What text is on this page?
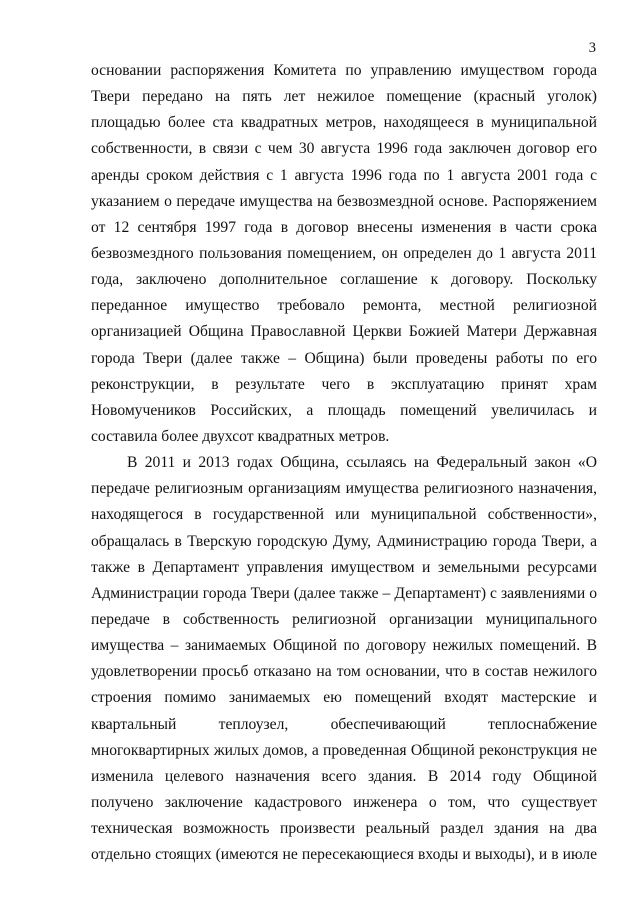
3
основании распоряжения Комитета по управлению имуществом города
Твери передано на пять лет нежилое помещение (красный уголок)
площадью более ста квадратных метров, находящееся в муниципальной
собственности, в связи с чем 30 августа 1996 года заключен договор его
аренды сроком действия с 1 августа 1996 года по 1 августа 2001 года с
указанием о передаче имущества на безвозмездной основе. Распоряжением
от 12 сентября 1997 года в договор внесены изменения в части срока
безвозмездного пользования помещением, он определен до 1 августа 2011
года, заключено дополнительное соглашение к договору. Поскольку
переданное имущество требовало ремонта, местной религиозной
организацией Община Православной Церкви Божией Матери Державная
города Твери (далее также – Община) были проведены работы по его
реконструкции, в результате чего в эксплуатацию принят храм
Новомучеников Российских, а площадь помещений увеличилась и
составила более двухсот квадратных метров.
В 2011 и 2013 годах Община, ссылаясь на Федеральный закон «О
передаче религиозным организациям имущества религиозного назначения,
находящегося в государственной или муниципальной собственности»,
обращалась в Тверскую городскую Думу, Администрацию города Твери, а
также в Департамент управления имуществом и земельными ресурсами
Администрации города Твери (далее также – Департамент) с заявлениями о
передаче в собственность религиозной организации муниципального
имущества – занимаемых Общиной по договору нежилых помещений. В
удовлетворении просьб отказано на том основании, что в состав нежилого
строения помимо занимаемых ею помещений входят мастерские и
квартальный теплоузел, обеспечивающий теплоснабжение
многоквартирных жилых домов, а проведенная Общиной реконструкция не
изменила целевого назначения всего здания. В 2014 году Общиной
получено заключение кадастрового инженера о том, что существует
техническая возможность произвести реальный раздел здания на два
отдельно стоящих (имеются не пересекающиеся входы и выходы), и в июле
